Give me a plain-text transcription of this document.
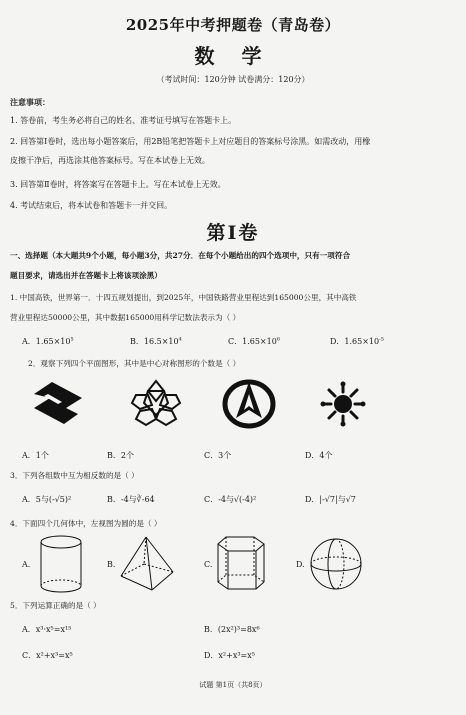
2025年中考押题卷（青岛卷）
数 学
（考试时间：120分钟 试卷满分：120分）
注意事项：
1. 答卷前，考生务必将自己的姓名、准考证号填写在答题卡上。
2. 回答第Ⅰ卷时，选出每小题答案后，用2B铅笔把答题卡上对应题目的答案标号涂黑。如需改动，用橡
皮擦干净后，再选涂其他答案标号。写在本试卷上无效。
3. 回答第Ⅱ卷时，将答案写在答题卡上。写在本试卷上无效。
4. 考试结束后，将本试卷和答题卡一并交回。
第Ⅰ卷
一、选择题（本大题共9个小题，每小题3分，共27分．在每个小题给出的四个选项中，只有一项符合
题目要求，请选出并在答题卡上将该项涂黑）
1. 中国高铁，世界第一．十四五规划提出，到2025年，中国铁路营业里程达到165000公里，其中高铁
营业里程达50000公里，其中数据165000用科学记数法表示为（ ）
A．$1.65\times 10^5$	B．$16.5\times 10^4$	C．$1.65\times 10^6$	D．$1.65\times 10^{-5}$
2．观察下列四个平面图形，其中是中心对称图形的个数是（ ）
A．1个	B．2个	C．3个	D．4个
3．下列各组数中互为相反数的是（ ）
A．5与(-√5)²	B．-4与∛-64	C．-4与√(-4)²	D．|-√7|与√7
4．下面四个几何体中，左视图为圆的是（ ）
A.	B.	C.	D.
5．下列运算正确的是（ ）
A．x³·x⁵=x¹⁵	B．(2x²)³=8x⁶
C．x²+x³=x⁵	D．x²+x³=x⁵
试题 第1页（共8页）
